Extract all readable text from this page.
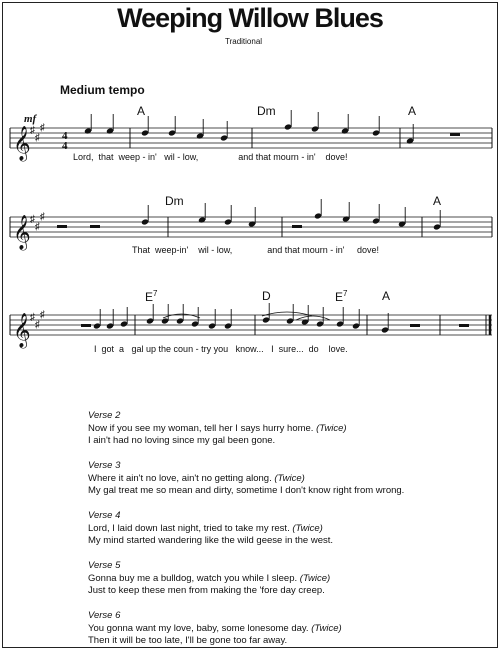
Weeping Willow Blues
Traditional
Medium tempo
mf
𝄞 ♯
♯
♯
𝄞 ♯
♯
♯
𝄞 ♯
♯
♯
4
4
A	Dm	A
Dm	A
$E^7$	D	$E^7$	A
Lord,  that  weep - in'   wil - low,                and that mourn - in'    dove!
That  weep-in'    wil - low,              and that mourn - in'     dove!
I  got  a   gal up the coun - try you   know...   I  sure...  do    love.
Verse 2
Now if you see my woman, tell her I says hurry home. (Twice)
I ain't had no loving since my gal been gone.
Verse 3
Where it ain't no love, ain't no getting along. (Twice)
My gal treat me so mean and dirty, sometime I don't know right from wrong.
Verse 4
Lord, I laid down last night, tried to take my rest. (Twice)
My mind started wandering like the wild geese in the west.
Verse 5
Gonna buy me a bulldog, watch you while I sleep. (Twice)
Just to keep these men from making the 'fore day creep.
Verse 6
You gonna want my love, baby, some lonesome day. (Twice)
Then it will be too late, I'll be gone too far away.
